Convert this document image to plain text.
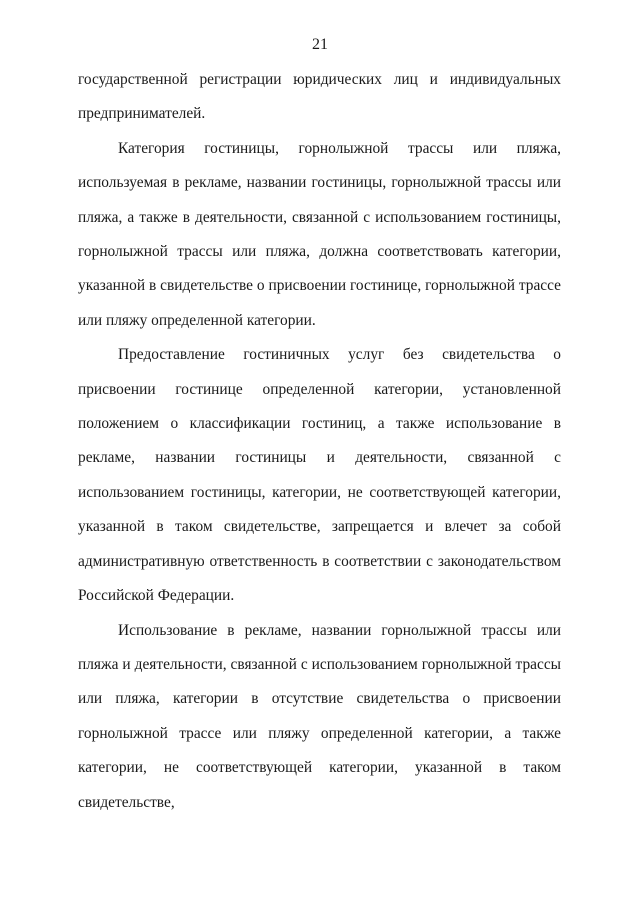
21

государственной регистрации юридических лиц и индивидуальных предпринимателей.

Категория гостиницы, горнолыжной трассы или пляжа, используемая в рекламе, названии гостиницы, горнолыжной трассы или пляжа, а также в деятельности, связанной с использованием гостиницы, горнолыжной трассы или пляжа, должна соответствовать категории, указанной в свидетельстве о присвоении гостинице, горнолыжной трассе или пляжу определенной категории.

Предоставление гостиничных услуг без свидетельства о присвоении гостинице определенной категории, установленной положением о классификации гостиниц, а также использование в рекламе, названии гостиницы и деятельности, связанной с использованием гостиницы, категории, не соответствующей категории, указанной в таком свидетельстве, запрещается и влечет за собой административную ответственность в соответствии с законодательством Российской Федерации.

Использование в рекламе, названии горнолыжной трассы или пляжа и деятельности, связанной с использованием горнолыжной трассы или пляжа, категории в отсутствие свидетельства о присвоении горнолыжной трассе или пляжу определенной категории, а также категории, не соответствующей категории, указанной в таком свидетельстве,
